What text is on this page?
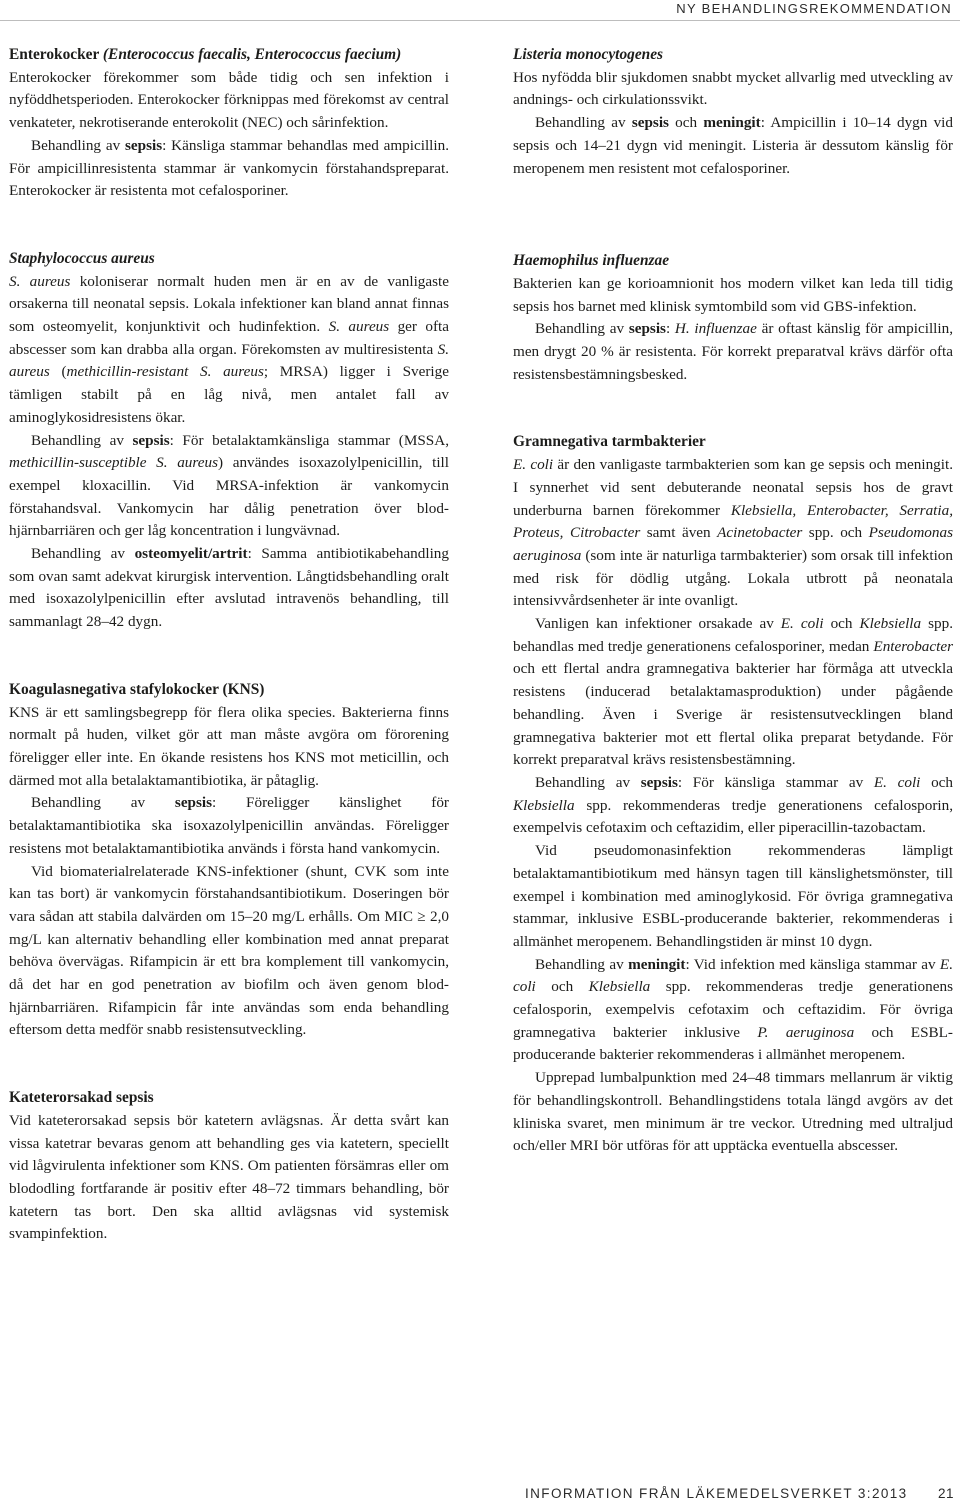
NY BEHANDLINGSREKOMMENDATION
Enterokocker (Enterococcus faecalis, Enterococcus faecium)

Enterokocker förekommer som både tidig och sen infektion i nyföddhetsperioden. Enterokocker förknippas med förekomst av central venkateter, nekrotiserande enterokolit (NEC) och sårinfektion.

Behandling av sepsis: Känsliga stammar behandlas med ampicillin. För ampicillinresistenta stammar är vankomycin förstahandspreparat. Enterokocker är resistenta mot cefalosporiner.

Staphylococcus aureus

S. aureus koloniserar normalt huden men är en av de vanligaste orsakerna till neonatal sepsis. Lokala infektioner kan bland annat finnas som osteomyelit, konjunktivit och hudinfektion. S. aureus ger ofta abscesser som kan drabba alla organ. Förekomsten av multiresistenta S. aureus (methicillin-resistant S. aureus; MRSA) ligger i Sverige tämligen stabilt på en låg nivå, men antalet fall av aminoglykosidresistens ökar.

Behandling av sepsis: För betalaktamkänsliga stammar (MSSA, methicillin-susceptible S. aureus) användes isoxazolylpenicillin, till exempel kloxacillin. Vid MRSA-infektion är vankomycin förstahandsval. Vankomycin har dålig penetration över blod-hjärnbarriären och ger låg koncentration i lungvävnad.

Behandling av osteomyelit/artrit: Samma antibiotikabehandling som ovan samt adekvat kirurgisk intervention. Långtidsbehandling oralt med isoxazolylpenicillin efter avslutad intravenös behandling, till sammanlagt 28–42 dygn.

Koagulasnegativa stafylokocker (KNS)

KNS är ett samlingsbegrepp för flera olika species. Bakterierna finns normalt på huden, vilket gör att man måste avgöra om förorening föreligger eller inte. En ökande resistens hos KNS mot meticillin, och därmed mot alla betalaktamantibiotika, är påtaglig.

Behandling av sepsis: Föreligger känslighet för betalaktamantibiotika ska isoxazolylpenicillin användas. Föreligger resistens mot betalaktamantibiotika används i första hand vankomycin.

Vid biomaterialrelaterade KNS-infektioner (shunt, CVK som inte kan tas bort) är vankomycin förstahandsantibiotikum. Doseringen bör vara sådan att stabila dalvärden om 15–20 mg/L erhålls. Om MIC ≥ 2,0 mg/L kan alternativ behandling eller kombination med annat preparat behöva övervägas. Rifampicin är ett bra komplement till vankomycin, då det har en god penetration av biofilm och även genom blod-hjärnbarriären. Rifampicin får inte användas som enda behandling eftersom detta medför snabb resistensutveckling.

Kateterorsakad sepsis

Vid kateterorsakad sepsis bör katetern avlägsnas. Är detta svårt kan vissa katetrar bevaras genom att behandling ges via katetern, speciellt vid lågvirulenta infektioner som KNS. Om patienten försämras eller om blododling fortfarande är positiv efter 48–72 timmars behandling, bör katetern tas bort. Den ska alltid avlägsnas vid systemisk svampinfektion.

Listeria monocytogenes

Hos nyfödda blir sjukdomen snabbt mycket allvarlig med utveckling av andnings- och cirkulationssvikt.

Behandling av sepsis och meningit: Ampicillin i 10–14 dygn vid sepsis och 14–21 dygn vid meningit. Listeria är dessutom känslig för meropenem men resistent mot cefalosporiner.

Haemophilus influenzae

Bakterien kan ge korioamnionit hos modern vilket kan leda till tidig sepsis hos barnet med klinisk symtombild som vid GBS-infektion.

Behandling av sepsis: H. influenzae är oftast känslig för ampicillin, men drygt 20 % är resistenta. För korrekt preparatval krävs därför ofta resistensbestämningsbesked.

Gramnegativa tarmbakterier

E. coli är den vanligaste tarmbakterien som kan ge sepsis och meningit. I synnerhet vid sent debuterande neonatal sepsis hos de gravt underburna barnen förekommer Klebsiella, Enterobacter, Serratia, Proteus, Citrobacter samt även Acinetobacter spp. och Pseudomonas aeruginosa (som inte är naturliga tarmbakterier) som orsak till infektion med risk för dödlig utgång. Lokala utbrott på neonatala intensivvårdsenheter är inte ovanligt.

Vanligen kan infektioner orsakade av E. coli och Klebsiella spp. behandlas med tredje generationens cefalosporiner, medan Enterobacter och ett flertal andra gramnegativa bakterier har förmåga att utveckla resistens (inducerad betalaktamasproduktion) under pågående behandling. Även i Sverige är resistensutvecklingen bland gramnegativa bakterier mot ett flertal olika preparat betydande. För korrekt preparatval krävs resistensbestämning.

Behandling av sepsis: För känsliga stammar av E. coli och Klebsiella spp. rekommenderas tredje generationens cefalosporin, exempelvis cefotaxim och ceftazidim, eller piperacillin-tazobactam.

Vid pseudomonasinfektion rekommenderas lämpligt betalaktamantibiotikum med hänsyn tagen till känslighetsmönster, till exempel i kombination med aminoglykosid. För övriga gramnegativa stammar, inklusive ESBL-producerande bakterier, rekommenderas i allmänhet meropenem. Behandlingstiden är minst 10 dygn.

Behandling av meningit: Vid infektion med känsliga stammar av E. coli och Klebsiella spp. rekommenderas tredje generationens cefalosporin, exempelvis cefotaxim och ceftazidim. För övriga gramnegativa bakterier inklusive P. aeruginosa och ESBL-producerande bakterier rekommenderas i allmänhet meropenem.

Upprepad lumbalpunktion med 24–48 timmars mellanrum är viktig för behandlingskontroll. Behandlingstidens totala längd avgörs av det kliniska svaret, men minimum är tre veckor. Utredning med ultraljud och/eller MRI bör utföras för att upptäcka eventuella abscesser.

INFORMATION FRÅN LÄKEMEDELSVERKET 3:2013 21
